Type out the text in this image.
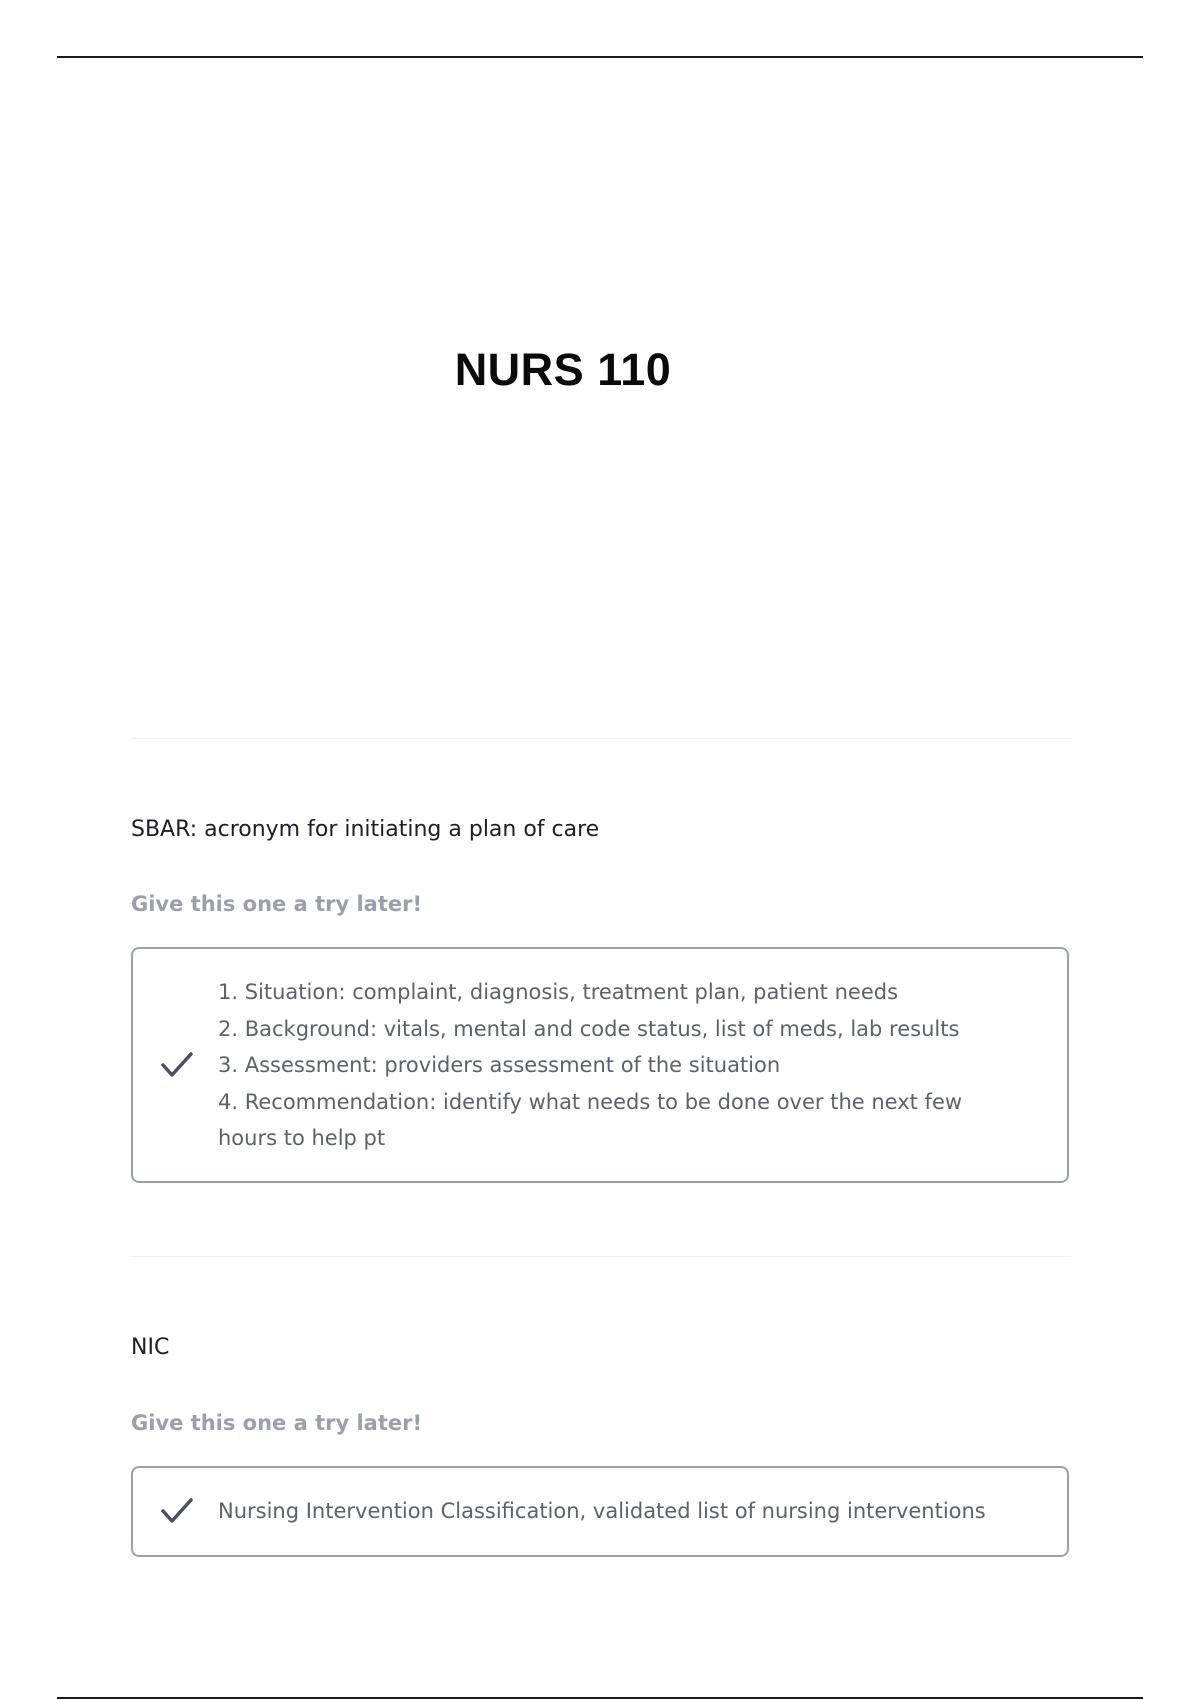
NURS 110

SBAR: acronym for initiating a plan of care

Give this one a try later!

1. Situation: complaint, diagnosis, treatment plan, patient needs
2. Background: vitals, mental and code status, list of meds, lab results
3. Assessment: providers assessment of the situation
4. Recommendation: identify what needs to be done over the next few
hours to help pt

NIC

Give this one a try later!

Nursing Intervention Classification, validated list of nursing interventions
